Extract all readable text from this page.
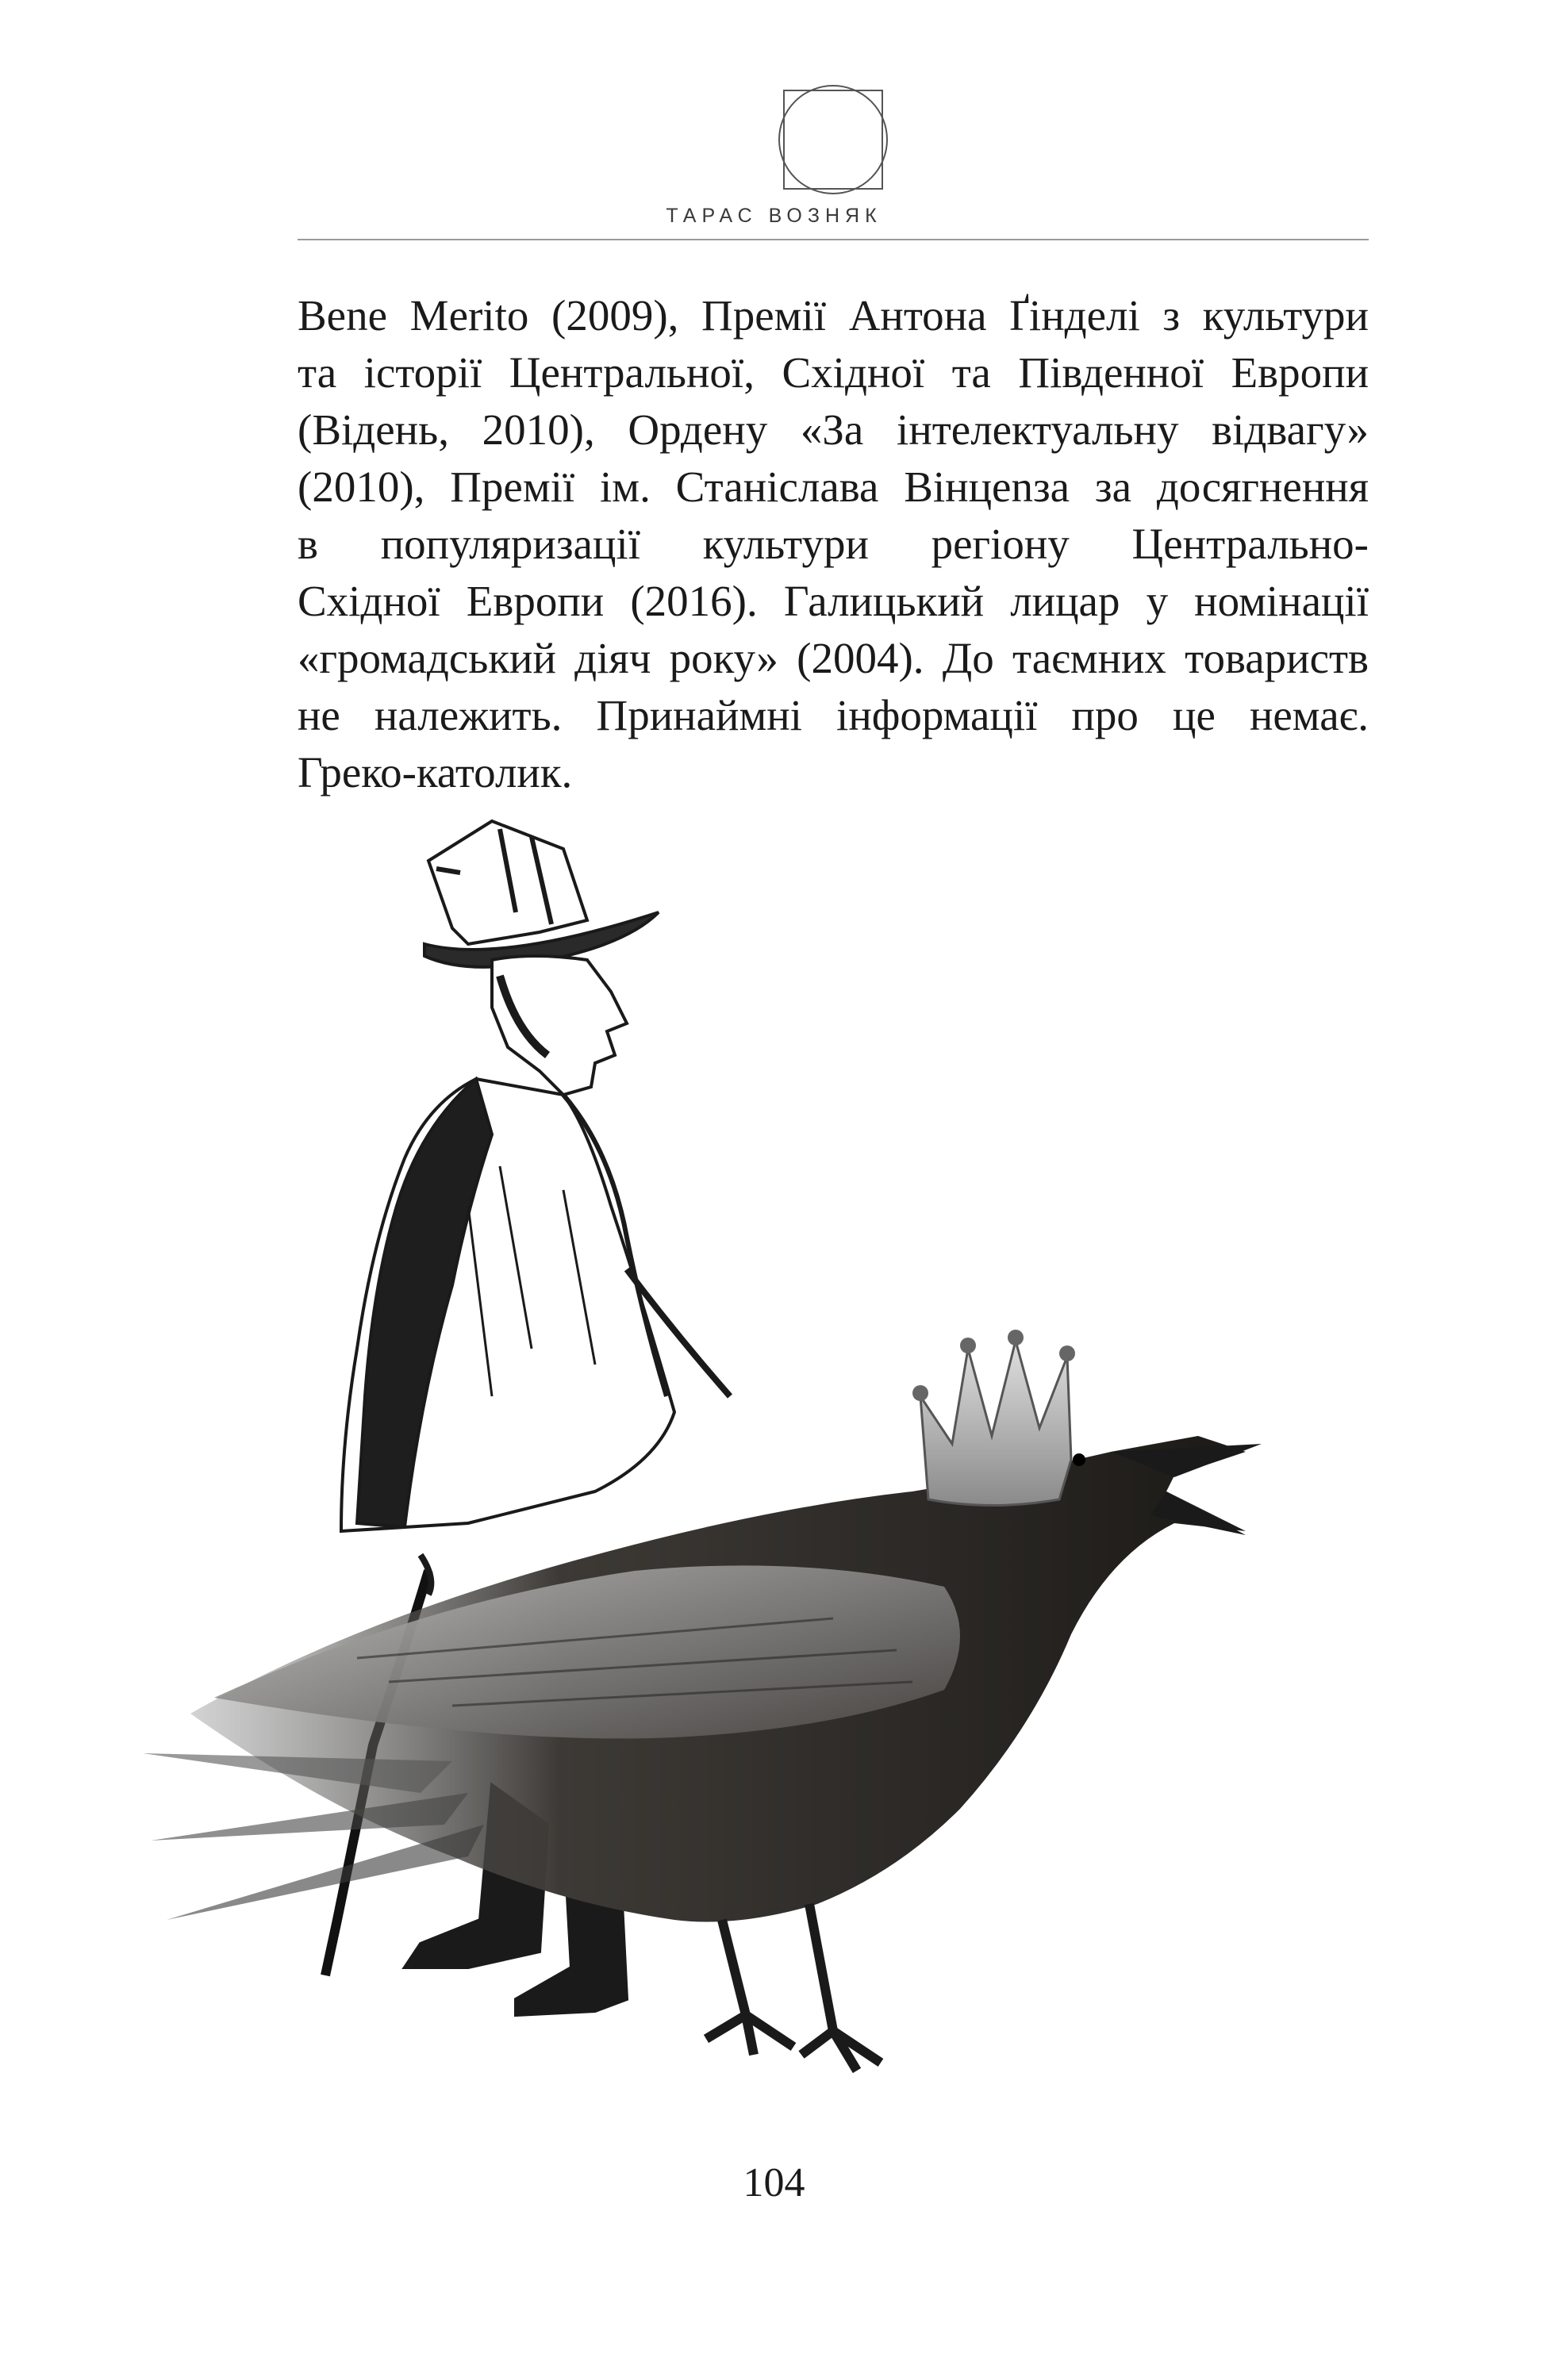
ТАРАС ВОЗНЯК
Bene Merito (2009), Премії Антона Ґінделі з культури
та історії Центральної, Східної та Південної Европи
(Відень, 2010), Ордену «За інтелектуальну відвагу»
(2010), Премії ім. Станіслава Вінцenза за досягнення
в популяризації культури регіону Центрально-
Східної Европи (2016). Галицький лицар у номінації
«громадський діяч року» (2004). До таємних товариств
не належить. Принаймні інформації про це немає.
Греко-католик.
104
